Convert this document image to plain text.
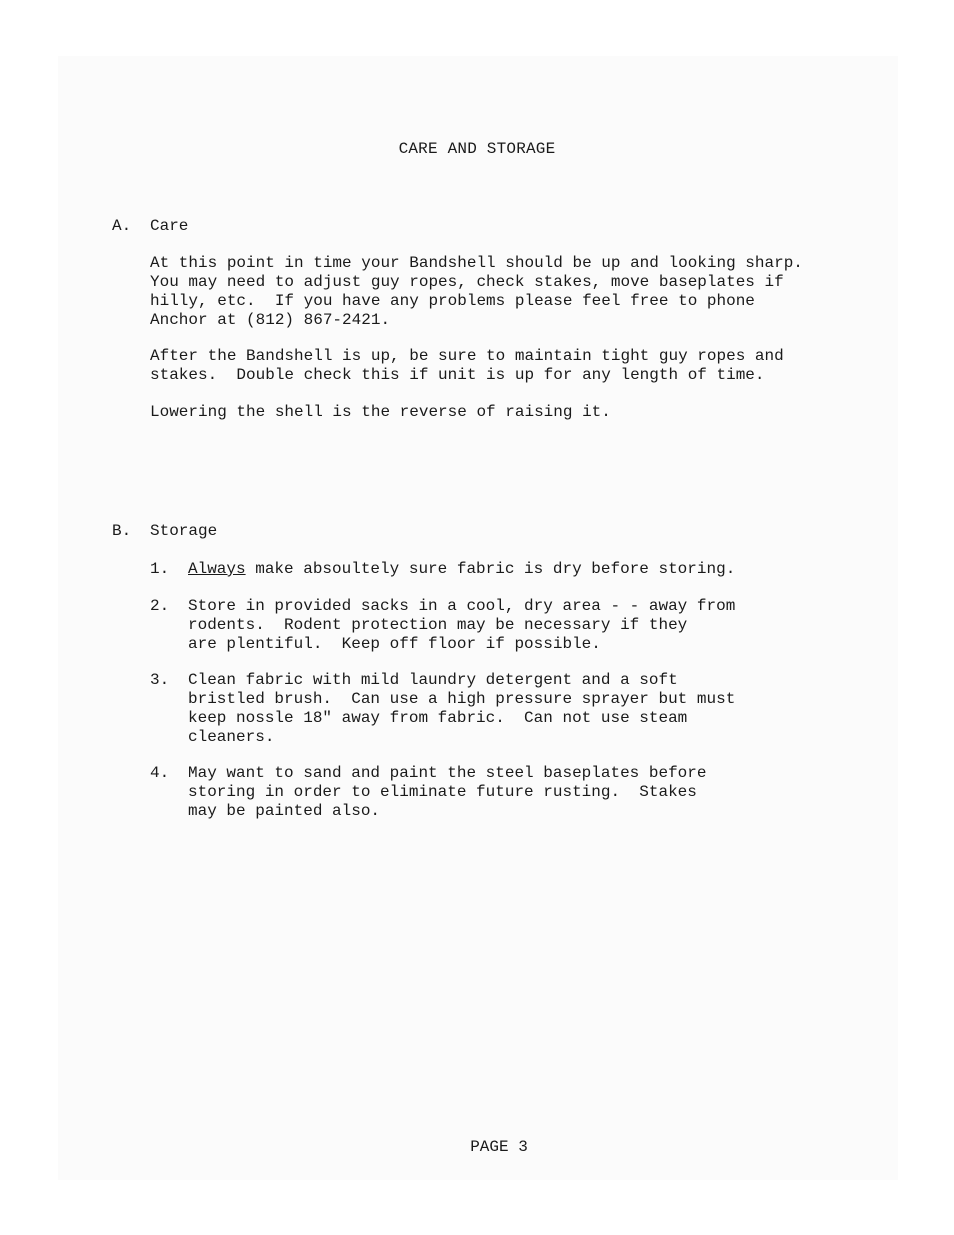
CARE AND STORAGE
A. Care
At this point in time your Bandshell should be up and looking sharp.
You may need to adjust guy ropes, check stakes, move baseplates if
hilly, etc.  If you have any problems please feel free to phone
Anchor at (812) 867-2421.
After the Bandshell is up, be sure to maintain tight guy ropes and
stakes.  Double check this if unit is up for any length of time.
Lowering the shell is the reverse of raising it.
B. Storage
1. Always make absoultely sure fabric is dry before storing.
2. Store in provided sacks in a cool, dry area - - away from
rodents.  Rodent protection may be necessary if they
are plentiful.  Keep off floor if possible.
3. Clean fabric with mild laundry detergent and a soft
bristled brush.  Can use a high pressure sprayer but must
keep nossle 18" away from fabric.  Can not use steam
cleaners.
4. May want to sand and paint the steel baseplates before
storing in order to eliminate future rusting.  Stakes
may be painted also.
PAGE 3
